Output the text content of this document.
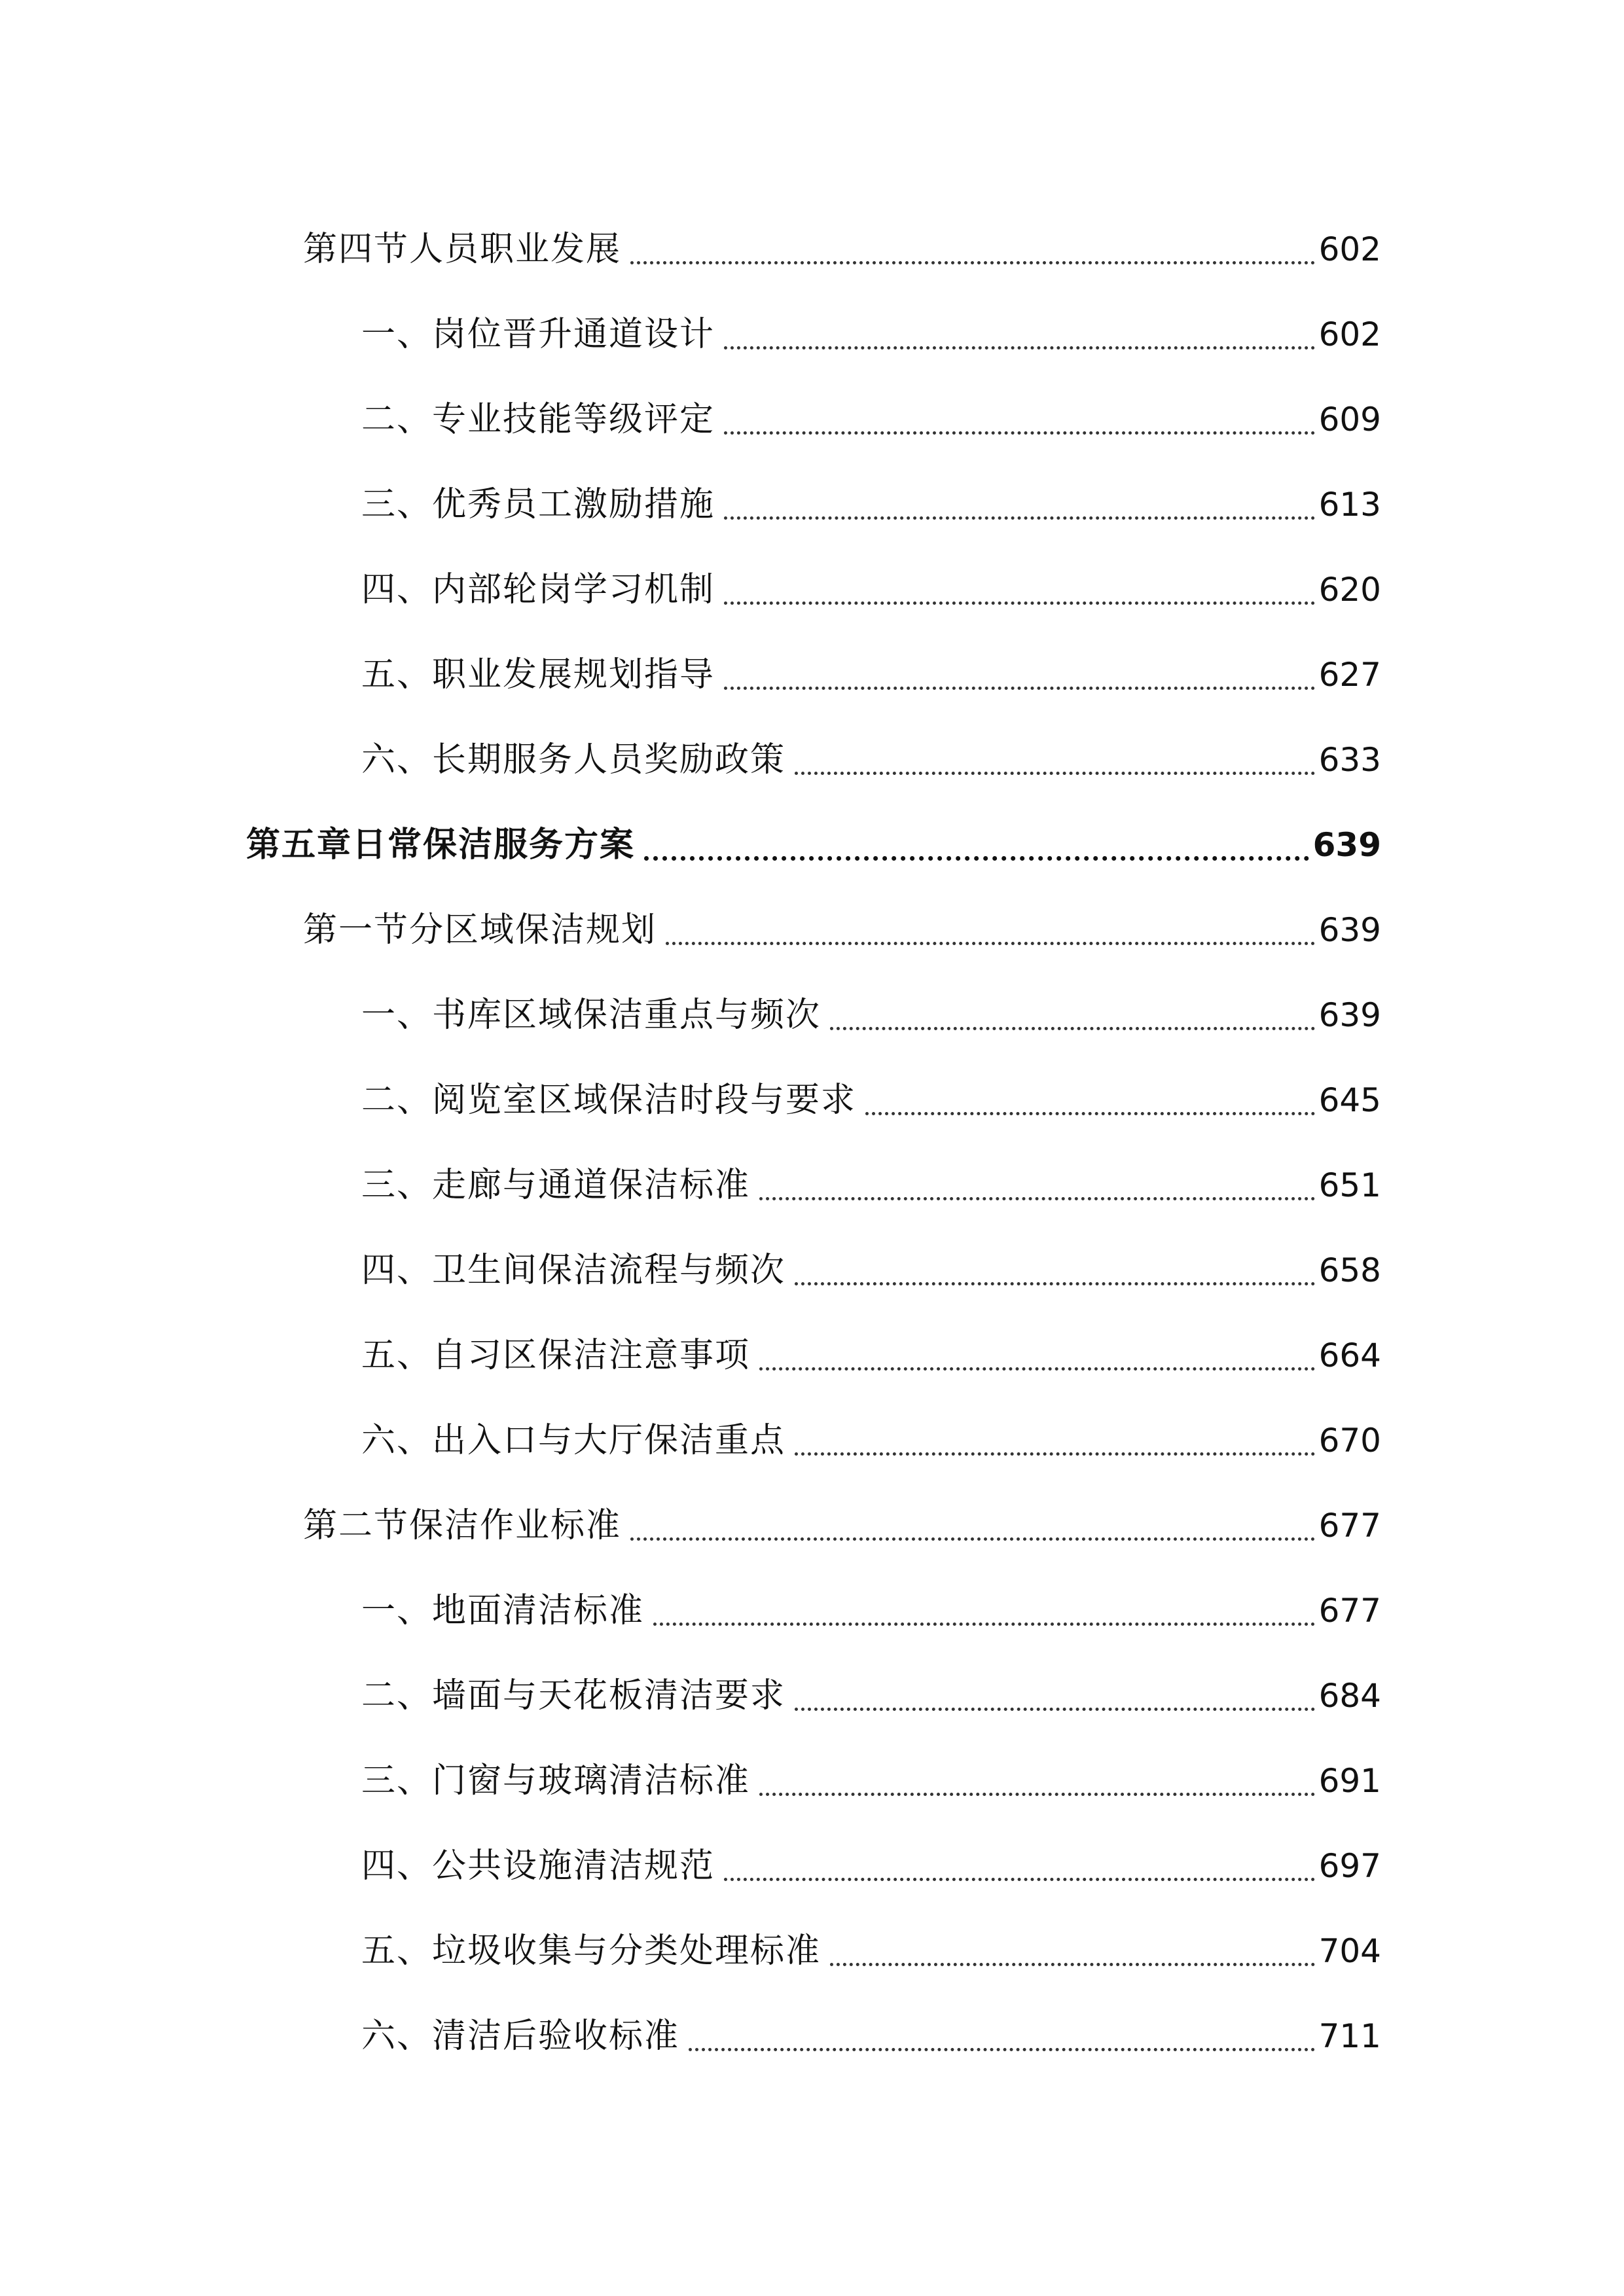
第四节人员职业发展	602
一、岗位晋升通道设计	602
二、专业技能等级评定	609
三、优秀员工激励措施	613
四、内部轮岗学习机制	620
五、职业发展规划指导	627
六、长期服务人员奖励政策	633
第五章日常保洁服务方案	639
第一节分区域保洁规划	639
一、书库区域保洁重点与频次	639
二、阅览室区域保洁时段与要求	645
三、走廊与通道保洁标准	651
四、卫生间保洁流程与频次	658
五、自习区保洁注意事项	664
六、出入口与大厅保洁重点	670
第二节保洁作业标准	677
一、地面清洁标准	677
二、墙面与天花板清洁要求	684
三、门窗与玻璃清洁标准	691
四、公共设施清洁规范	697
五、垃圾收集与分类处理标准	704
六、清洁后验收标准	711
